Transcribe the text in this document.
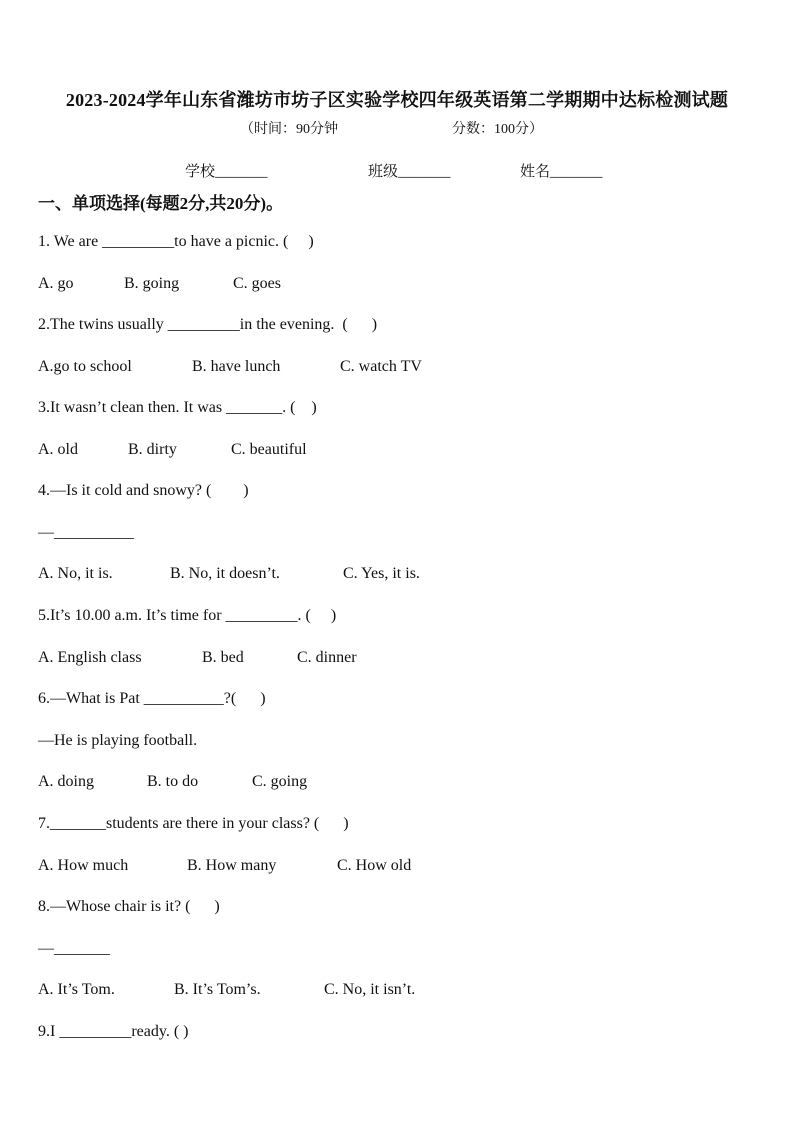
2023-2024学年山东省潍坊市坊子区实验学校四年级英语第二学期期中达标检测试题
（时间：90分钟	分数：100分）
学校_______	班级_______	姓名_______
一、单项选择(每题2分,共20分)。
1. We are _________to have a picnic. (     )
A. go	B. going	C. goes
2.The twins usually _________in the evening.  (      )
A.go to school	B. have lunch	C. watch TV
3.It wasn’t clean then. It was _______. (    )
A. old	B. dirty	C. beautiful
4.—Is it cold and snowy? (        )
—__________
A. No, it is.	B. No, it doesn’t.	C. Yes, it is.
5.It’s 10.00 a.m. It’s time for _________. (     )
A. English class	B. bed	C. dinner
6.—What is Pat __________?(      )
—He is playing football.
A. doing	B. to do	C. going
7._______students are there in your class? (      )
A. How much	B. How many	C. How old
8.—Whose chair is it? (      )
—_______
A. It’s Tom.	B. It’s Tom’s.	C. No, it isn’t.
9.I _________ready. ( )
